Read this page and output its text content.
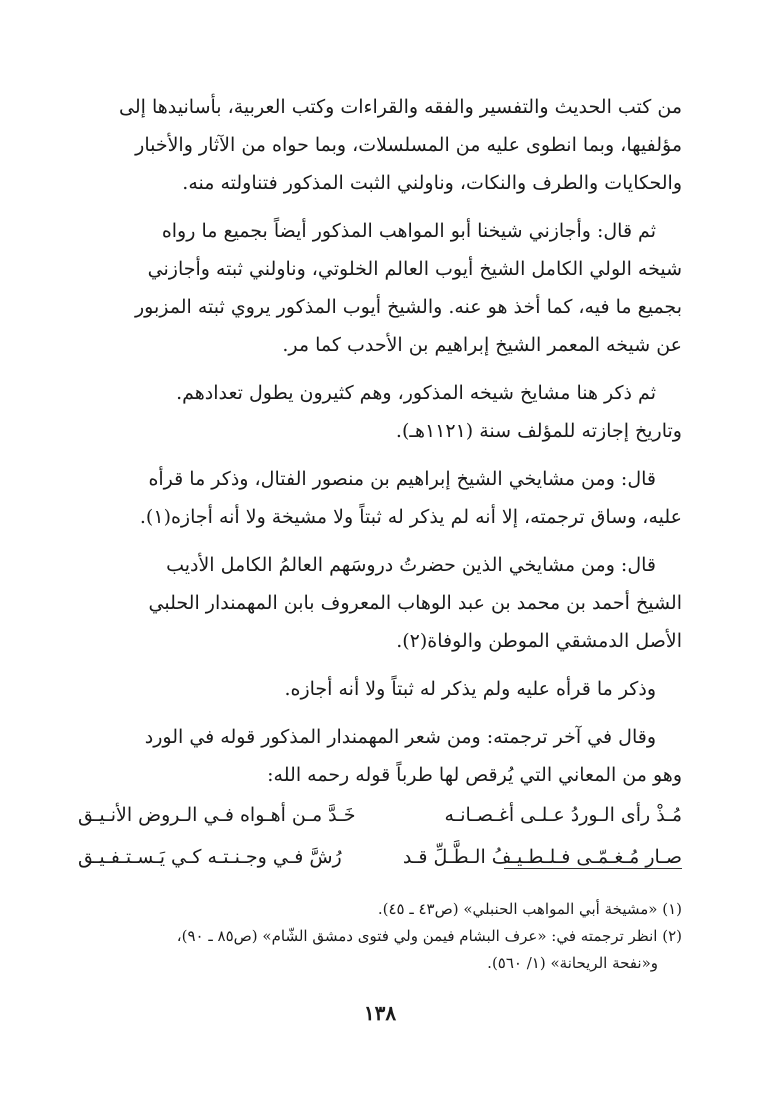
من كتب الحديث والتفسير والفقه والقراءات وكتب العربية، بأسانيدها إلى
مؤلفيها، وبما انطوى عليه من المسلسلات، وبما حواه من الآثار والأخبار
والحكايات والطرف والنكات، وناولني الثبت المذكور فتناولته منه.
ثم قال: وأجازني شيخنا أبو المواهب المذكور أيضاً بجميع ما رواه
شيخه الولي الكامل الشيخ أيوب العالم الخلوتي، وناولني ثبته وأجازني
بجميع ما فيه، كما أخذ هو عنه. والشيخ أيوب المذكور يروي ثبته المزبور
عن شيخه المعمر الشيخ إبراهيم بن الأحدب كما مر.
ثم ذكر هنا مشايخ شيخه المذكور، وهم كثيرون يطول تعدادهم.
وتاريخ إجازته للمؤلف سنة (١١٢١هـ).
قال: ومن مشايخي الشيخ إبراهيم بن منصور الفتال، وذكر ما قرأه
عليه، وساق ترجمته، إلا أنه لم يذكر له ثبتاً ولا مشيخة ولا أنه أجازه(١).
قال: ومن مشايخي الذين حضرتُ دروسَهم العالمُ الكامل الأديب
الشيخ أحمد بن محمد بن عبد الوهاب المعروف بابن المهمندار الحلبي
الأصل الدمشقي الموطن والوفاة(٢).
وذكر ما قرأه عليه ولم يذكر له ثبتاً ولا أنه أجازه.
وقال في آخر ترجمته: ومن شعر المهمندار المذكور قوله في الورد
وهو من المعاني التي يُرقص لها طرباً قوله رحمه الله:
مُـذْ رأى الـوردُ عـلـى أغـصـانـه
خَـدَّ مـن أهـواه فـي الـروض الأنـيـق
صـار مُـغـمّـى فـلـطـيـفُ الـطَّـلِّ قـد
رُشَّ فـي وجـنـتـه كـي يَـسـتـفـيـق
(١) «مشيخة أبي المواهب الحنبلي» (ص٤٣ ـ ٤٥).
(٢) انظر ترجمته في: «عرف البشام فيمن ولي فتوى دمشق الشّام» (ص٨٥ ـ ٩٠)،
و«نفحة الريحانة» (١/ ٥٦٠).
١٣٨
